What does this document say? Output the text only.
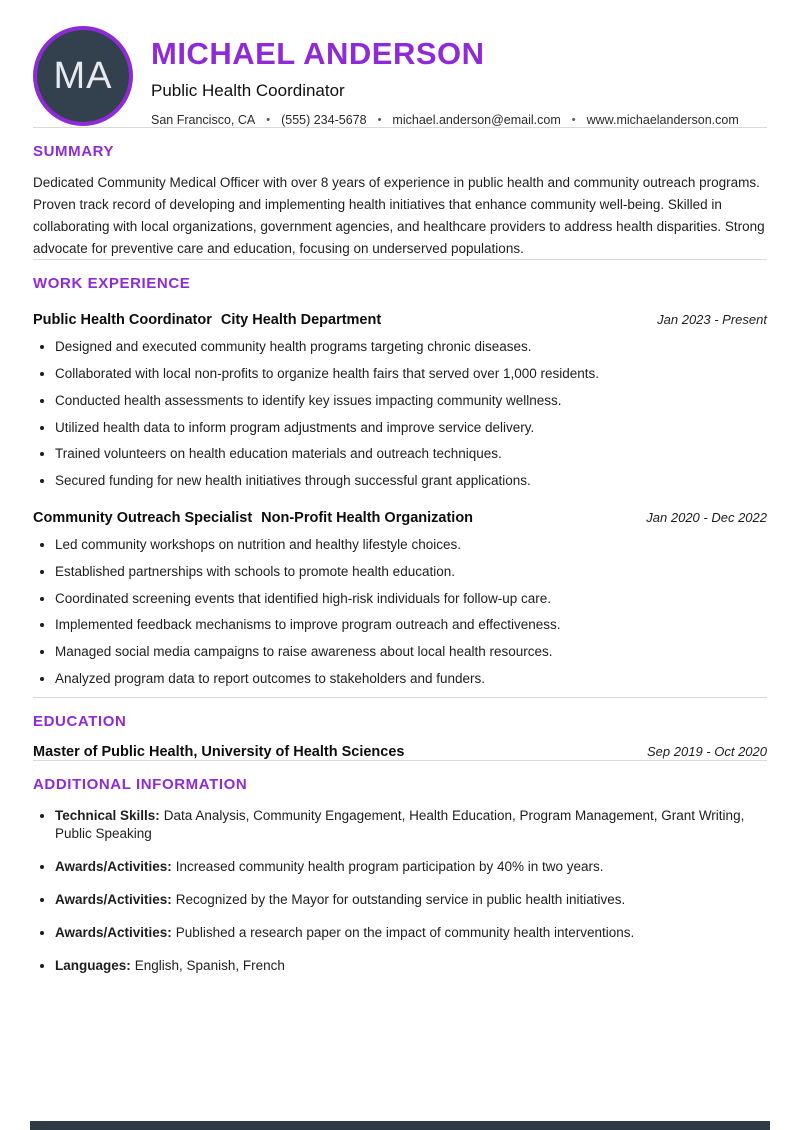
MA
MICHAEL ANDERSON
Public Health Coordinator
San Francisco, CA • (555) 234-5678 • michael.anderson@email.com • www.michaelanderson.com
SUMMARY

Dedicated Community Medical Officer with over 8 years of experience in public health and community outreach programs. Proven track record of developing and implementing health initiatives that enhance community well-being. Skilled in collaborating with local organizations, government agencies, and healthcare providers to address health disparities. Strong advocate for preventive care and education, focusing on underserved populations.

WORK EXPERIENCE
Public Health Coordinator City Health Department	Jan 2023 - Present
• Designed and executed community health programs targeting chronic diseases.
• Collaborated with local non-profits to organize health fairs that served over 1,000 residents.
• Conducted health assessments to identify key issues impacting community wellness.
• Utilized health data to inform program adjustments and improve service delivery.
• Trained volunteers on health education materials and outreach techniques.
• Secured funding for new health initiatives through successful grant applications.
Community Outreach Specialist Non-Profit Health Organization	Jan 2020 - Dec 2022
• Led community workshops on nutrition and healthy lifestyle choices.
• Established partnerships with schools to promote health education.
• Coordinated screening events that identified high-risk individuals for follow-up care.
• Implemented feedback mechanisms to improve program outreach and effectiveness.
• Managed social media campaigns to raise awareness about local health resources.
• Analyzed program data to report outcomes to stakeholders and funders.
EDUCATION
Master of Public Health, University of Health Sciences	Sep 2019 - Oct 2020
ADDITIONAL INFORMATION
• Technical Skills: Data Analysis, Community Engagement, Health Education, Program Management, Grant Writing, Public Speaking
• Awards/Activities: Increased community health program participation by 40% in two years.
• Awards/Activities: Recognized by the Mayor for outstanding service in public health initiatives.
• Awards/Activities: Published a research paper on the impact of community health interventions.
• Languages: English, Spanish, French
